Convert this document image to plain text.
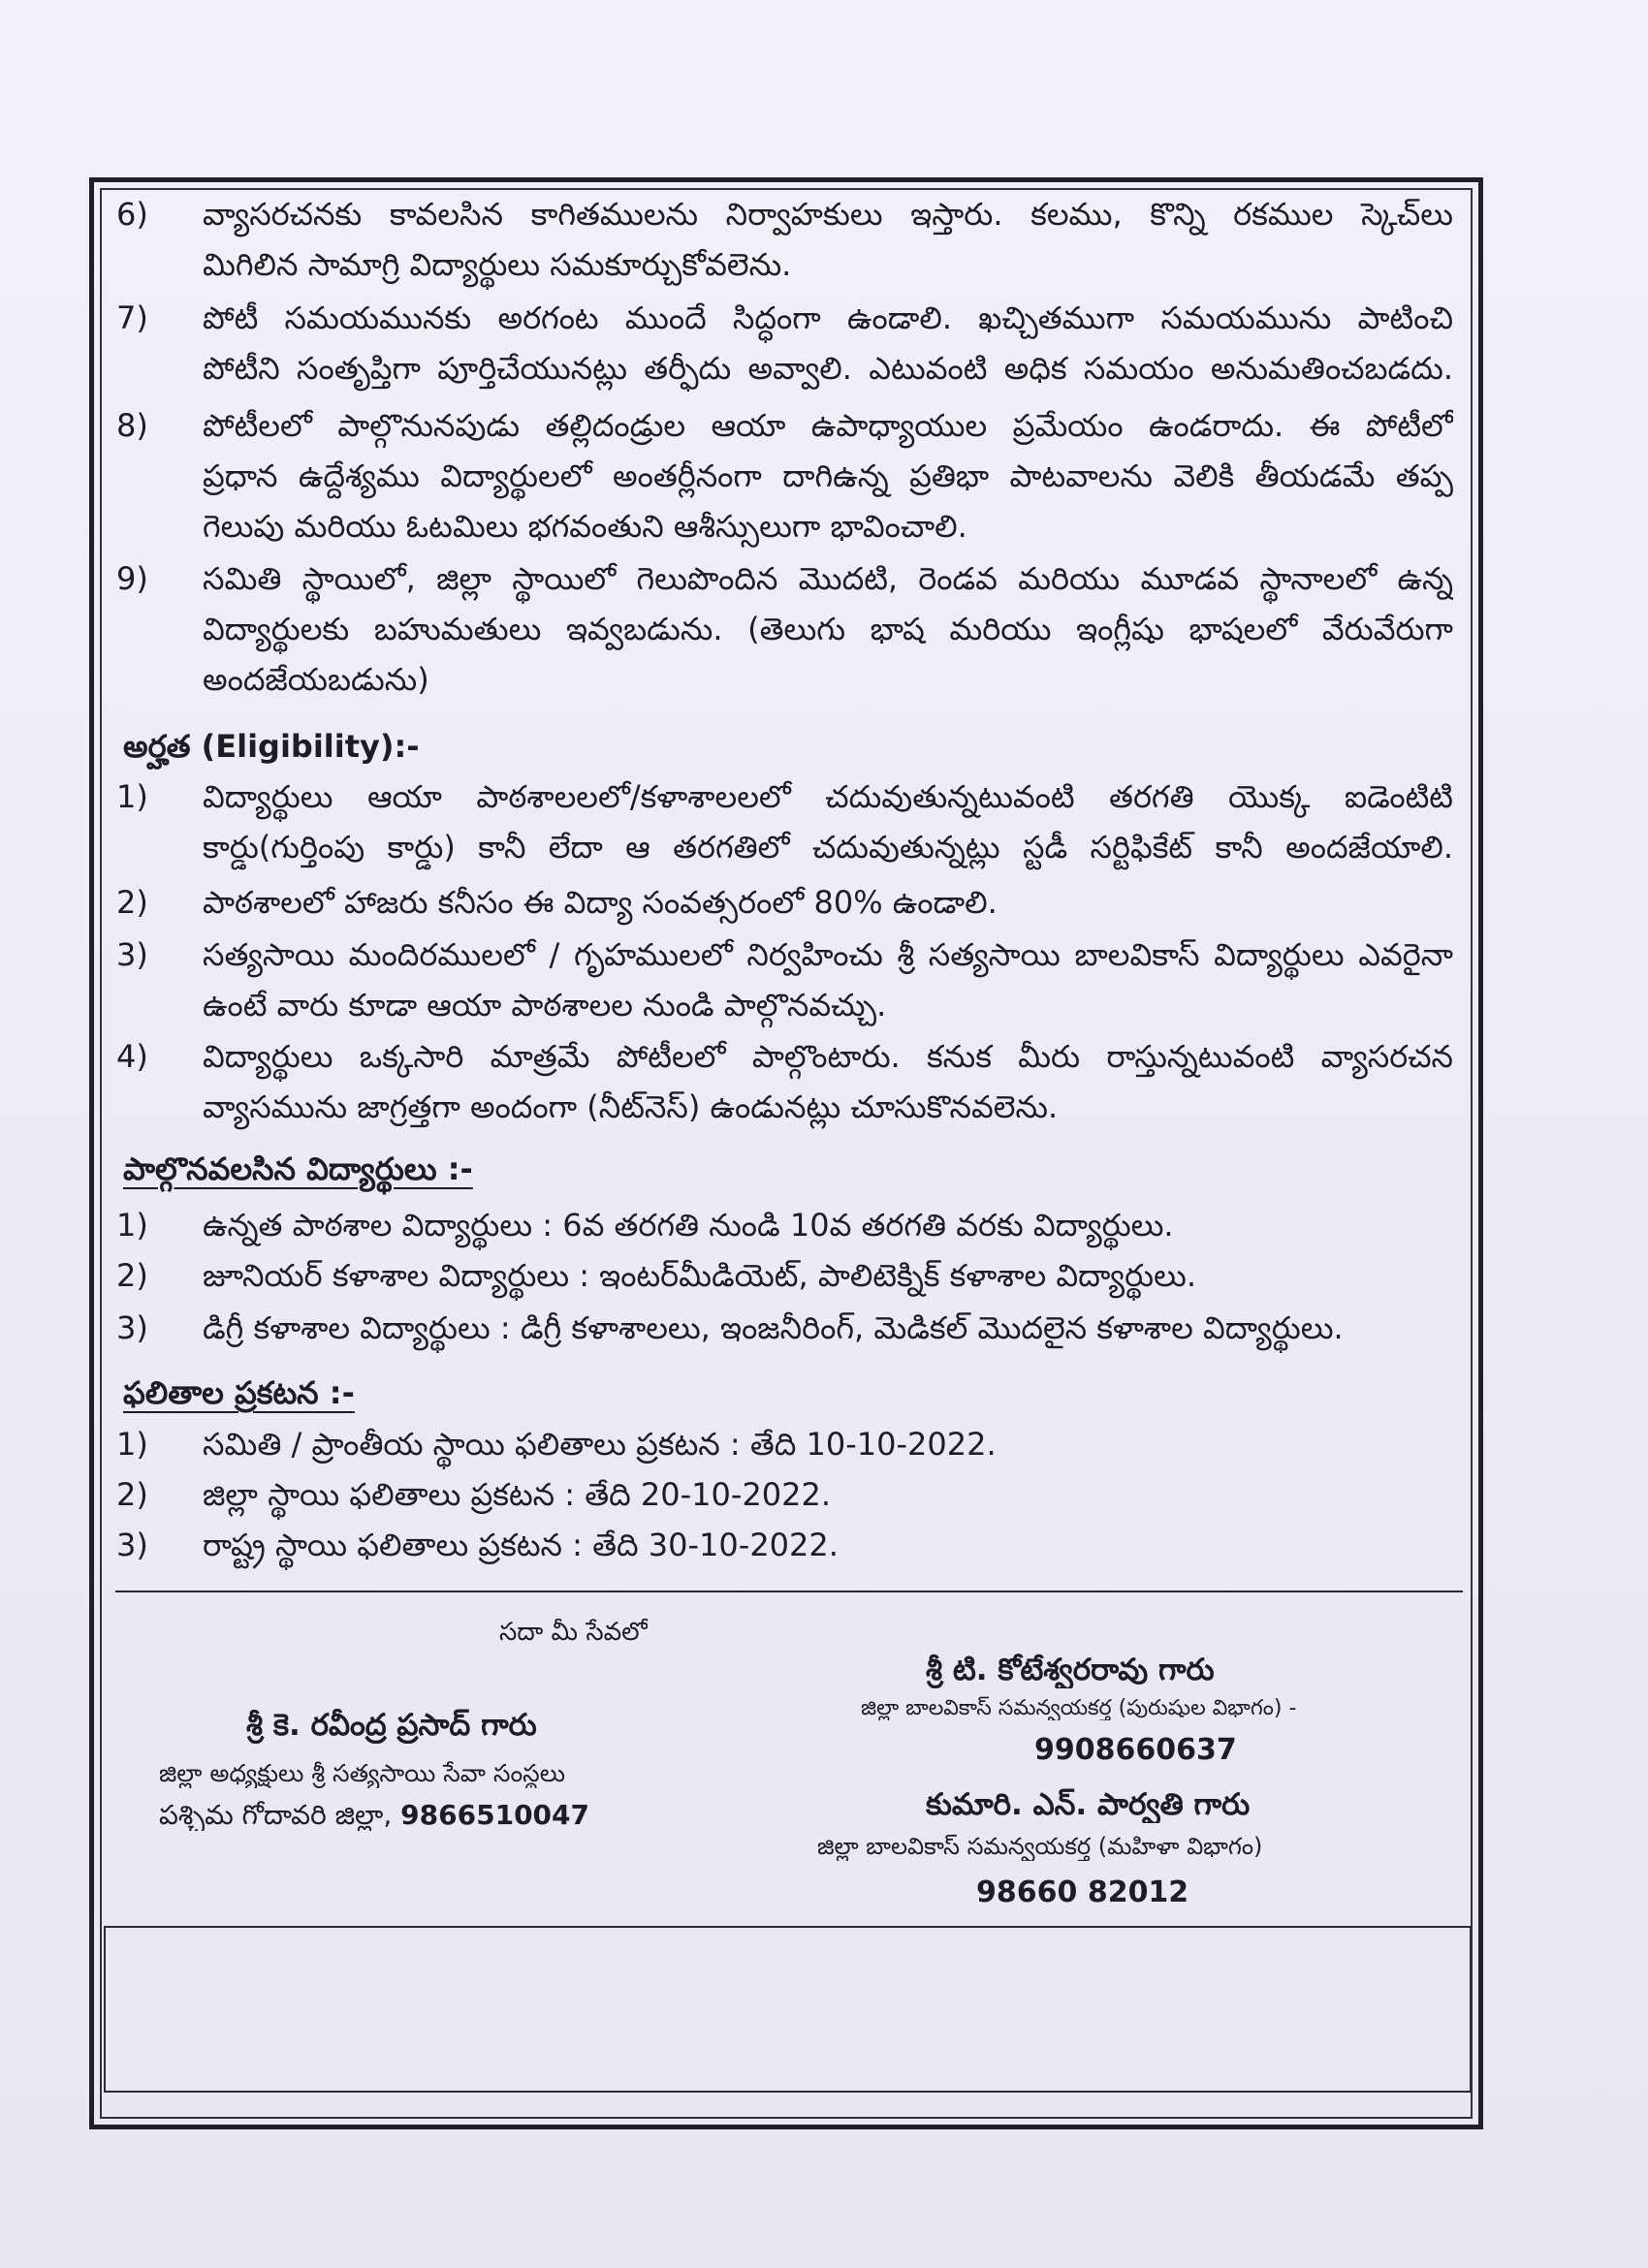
6) వ్యాసరచనకు కావలసిన కాగితములను నిర్వాహకులు ఇస్తారు. కలము, కొన్ని రకముల స్కెచ్‌లు
మిగిలిన సామాగ్రి విద్యార్థులు సమకూర్చుకోవలెను.
7) పోటీ సమయమునకు అరగంట ముందే సిద్ధంగా ఉండాలి. ఖచ్చితముగా సమయమును పాటించి
పోటీని సంతృప్తిగా పూర్తిచేయునట్లు తర్ఫీదు అవ్వాలి. ఎటువంటి అధిక సమయం అనుమతించబడదు.
8) పోటీలలో పాల్గొనునపుడు తల్లిదండ్రుల ఆయా ఉపాధ్యాయుల ప్రమేయం ఉండరాదు. ఈ పోటీలో
ప్రధాన ఉద్దేశ్యము విద్యార్థులలో అంతర్లీనంగా దాగిఉన్న ప్రతిభా పాటవాలను వెలికి తీయడమే తప్ప
గెలుపు మరియు ఓటమిలు భగవంతుని ఆశీస్సులుగా భావించాలి.
9) సమితి స్థాయిలో, జిల్లా స్థాయిలో గెలుపొందిన మొదటి, రెండవ మరియు మూడవ స్థానాలలో ఉన్న
విద్యార్థులకు బహుమతులు ఇవ్వబడును. (తెలుగు భాష మరియు ఇంగ్లీషు భాషలలో వేరువేరుగా
అందజేయబడును)
అర్హత (Eligibility):-
1) విద్యార్థులు ఆయా పాఠశాలలలో/కళాశాలలలో చదువుతున్నటువంటి తరగతి యొక్క ఐడెంటిటి
కార్డు(గుర్తింపు కార్డు) కానీ లేదా ఆ తరగతిలో చదువుతున్నట్లు స్టడీ సర్టిఫికేట్ కానీ అందజేయాలి.
2) పాఠశాలలో హాజరు కనీసం ఈ విద్యా సంవత్సరంలో 80% ఉండాలి.
3) సత్యసాయి మందిరములలో / గృహములలో నిర్వహించు శ్రీ సత్యసాయి బాలవికాస్ విద్యార్థులు ఎవరైనా
ఉంటే వారు కూడా ఆయా పాఠశాలల నుండి పాల్గొనవచ్చు.
4) విద్యార్థులు ఒక్కసారి మాత్రమే పోటీలలో పాల్గొంటారు. కనుక మీరు రాస్తున్నటువంటి వ్యాసరచన
వ్యాసమును జాగ్రత్తగా అందంగా (నీట్‌నెస్) ఉండునట్లు చూసుకొనవలెను.
పాల్గొనవలసిన విద్యార్థులు :-
1) ఉన్నత పాఠశాల విద్యార్థులు : 6వ తరగతి నుండి 10వ తరగతి వరకు విద్యార్థులు.
2) జూనియర్ కళాశాల విద్యార్థులు : ఇంటర్‌మీడియెట్, పాలిటెక్నిక్ కళాశాల విద్యార్థులు.
3) డిగ్రీ కళాశాల విద్యార్థులు : డిగ్రీ కళాశాలలు, ఇంజనీరింగ్, మెడికల్ మొదలైన కళాశాల విద్యార్థులు.
ఫలితాల ప్రకటన :-
1) సమితి / ప్రాంతీయ స్థాయి ఫలితాలు ప్రకటన : తేది 10-10-2022.
2) జిల్లా స్థాయి ఫలితాలు ప్రకటన : తేది 20-10-2022.
3) రాష్ట్ర స్థాయి ఫలితాలు ప్రకటన : తేది 30-10-2022.
సదా మీ సేవలో
శ్రీ టి. కోటేశ్వరరావు గారు
జిల్లా బాలవికాస్ సమన్వయకర్త (పురుషుల విభాగం) -
9908660637
శ్రీ కె. రవీంద్ర ప్రసాద్ గారు
జిల్లా అధ్యక్షులు శ్రీ సత్యసాయి సేవా సంస్థలు
పశ్చిమ గోదావరి జిల్లా, 9866510047	కుమారి. ఎన్. పార్వతి గారు
జిల్లా బాలవికాస్ సమన్వయకర్త (మహిళా విభాగం)
98660 82012
